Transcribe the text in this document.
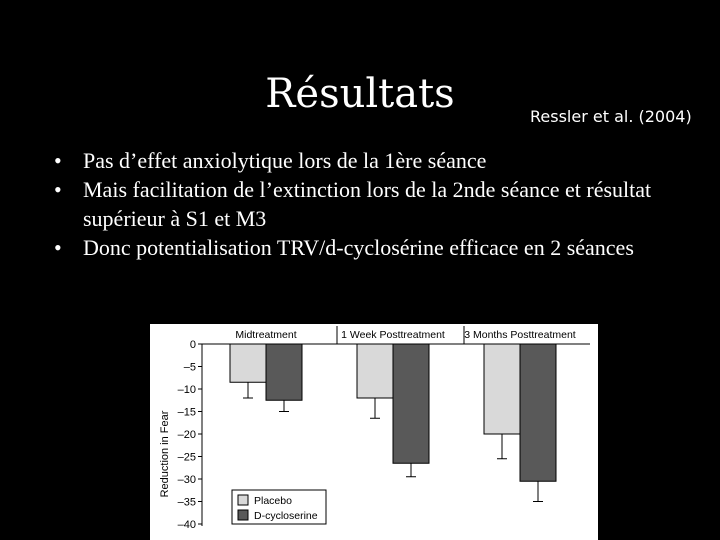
Résultats	Ressler et al. (2004)
• Pas d’effet anxiolytique lors de la 1ère séance
• Mais facilitation de l’extinction lors de la 2nde séance et résultat supérieur à S1 et M3
• Donc potentialisation TRV/d-cyclosérine efficace en 2 séances
Midtreatment	1 Week Posttreatment 3 Months Posttreatment
0
–5
–10
–15
–20
–25
–30
–35
–40
Reduction in Fear
Placebo
D-cycloserine
